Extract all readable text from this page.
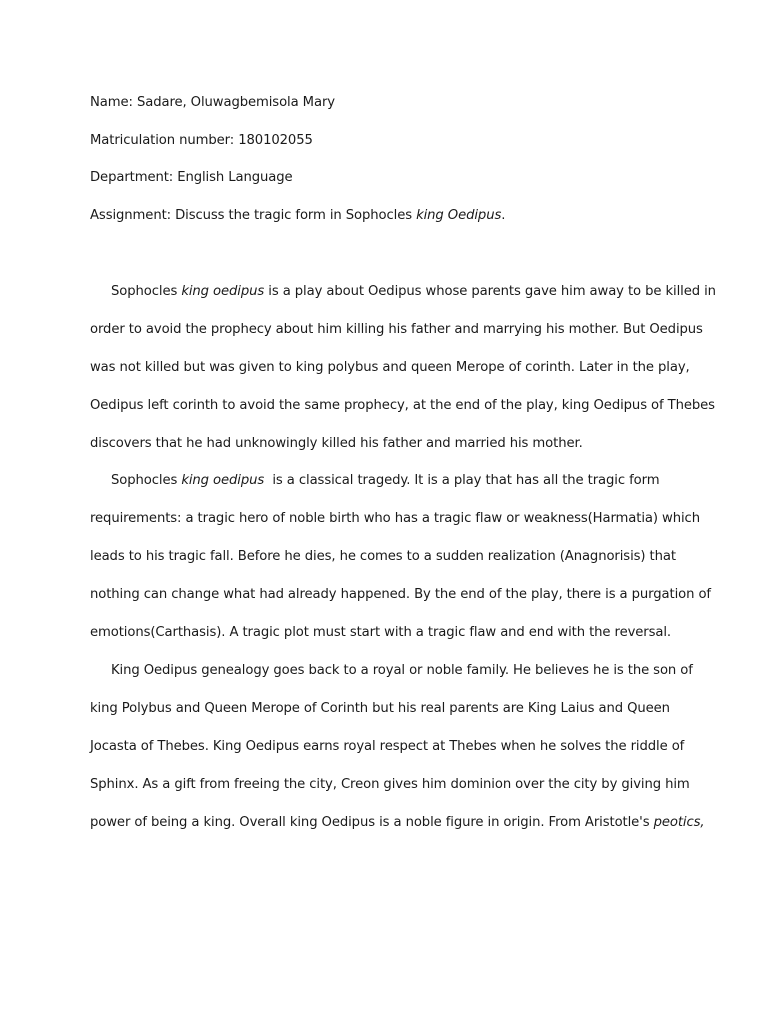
Name: Sadare, Oluwagbemisola Mary
Matriculation number: 180102055
Department: English Language
Assignment: Discuss the tragic form in Sophocles king Oedipus.
Sophocles king oedipus is a play about Oedipus whose parents gave him away to be killed in
order to avoid the prophecy about him killing his father and marrying his mother. But Oedipus
was not killed but was given to king polybus and queen Merope of corinth. Later in the play,
Oedipus left corinth to avoid the same prophecy, at the end of the play, king Oedipus of Thebes
discovers that he had unknowingly killed his father and married his mother.
Sophocles king oedipus  is a classical tragedy. It is a play that has all the tragic form
requirements: a tragic hero of noble birth who has a tragic flaw or weakness(Harmatia) which
leads to his tragic fall. Before he dies, he comes to a sudden realization (Anagnorisis) that
nothing can change what had already happened. By the end of the play, there is a purgation of
emotions(Carthasis). A tragic plot must start with a tragic flaw and end with the reversal.
King Oedipus genealogy goes back to a royal or noble family. He believes he is the son of
king Polybus and Queen Merope of Corinth but his real parents are King Laius and Queen
Jocasta of Thebes. King Oedipus earns royal respect at Thebes when he solves the riddle of
Sphinx. As a gift from freeing the city, Creon gives him dominion over the city by giving him
power of being a king. Overall king Oedipus is a noble figure in origin. From Aristotle's peotics,
